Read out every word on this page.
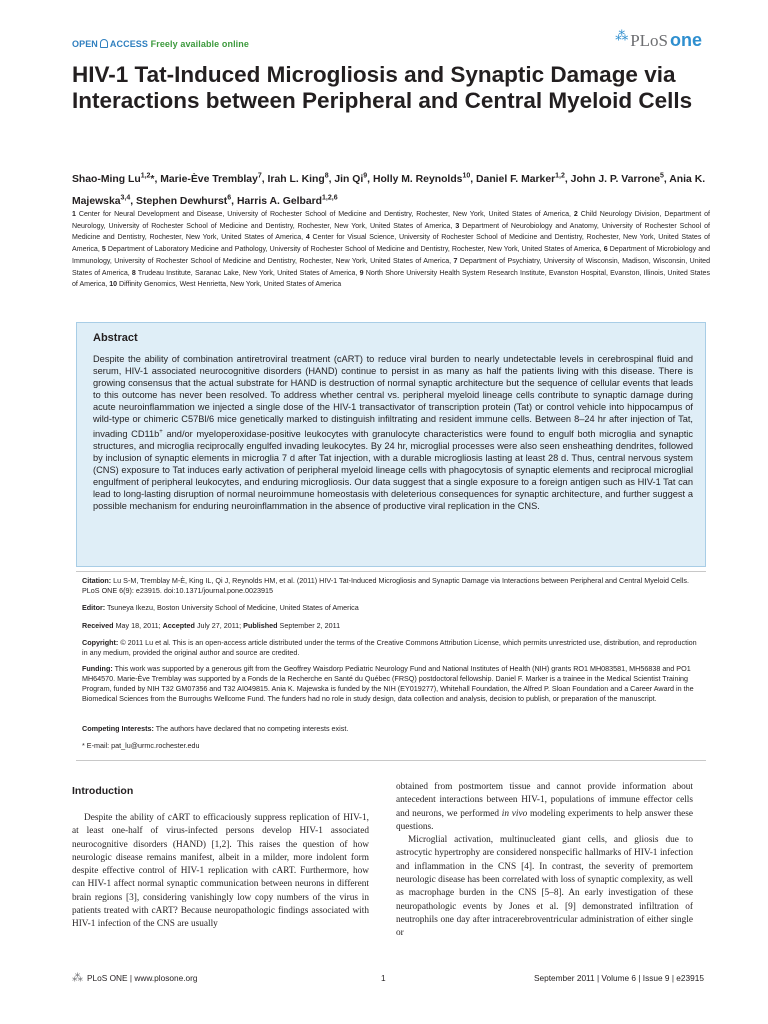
OPEN ACCESS Freely available online
⁂ PLoS one
HIV-1 Tat-Induced Microgliosis and Synaptic Damage via Interactions between Peripheral and Central Myeloid Cells
Shao-Ming Lu$^{1,2}$*, Marie-Ève Tremblay$^7$, Irah L. King$^8$, Jin Qi$^9$, Holly M. Reynolds$^{10}$, Daniel F. Marker$^{1,2}$, John J. P. Varrone$^5$, Ania K. Majewska$^{3,4}$, Stephen Dewhurst$^6$, Harris A. Gelbard$^{1,2,6}$
1 Center for Neural Development and Disease, University of Rochester School of Medicine and Dentistry, Rochester, New York, United States of America, 2 Child Neurology Division, Department of Neurology, University of Rochester School of Medicine and Dentistry, Rochester, New York, United States of America, 3 Department of Neurobiology and Anatomy, University of Rochester School of Medicine and Dentistry, Rochester, New York, United States of America, 4 Center for Visual Science, University of Rochester School of Medicine and Dentistry, Rochester, New York, United States of America, 5 Department of Laboratory Medicine and Pathology, University of Rochester School of Medicine and Dentistry, Rochester, New York, United States of America, 6 Department of Microbiology and Immunology, University of Rochester School of Medicine and Dentistry, Rochester, New York, United States of America, 7 Department of Psychiatry, University of Wisconsin, Madison, Wisconsin, United States of America, 8 Trudeau Institute, Saranac Lake, New York, United States of America, 9 North Shore University Health System Research Institute, Evanston Hospital, Evanston, Illinois, United States of America, 10 Diffinity Genomics, West Henrietta, New York, United States of America
Abstract
Despite the ability of combination antiretroviral treatment (cART) to reduce viral burden to nearly undetectable levels in cerebrospinal fluid and serum, HIV-1 associated neurocognitive disorders (HAND) continue to persist in as many as half the patients living with this disease. There is growing consensus that the actual substrate for HAND is destruction of normal synaptic architecture but the sequence of cellular events that leads to this outcome has never been resolved. To address whether central vs. peripheral myeloid lineage cells contribute to synaptic damage during acute neuroinflammation we injected a single dose of the HIV-1 transactivator of transcription protein (Tat) or control vehicle into hippocampus of wild-type or chimeric C57Bl/6 mice genetically marked to distinguish infiltrating and resident immune cells. Between 8–24 hr after injection of Tat, invading CD11b+ and/or myeloperoxidase-positive leukocytes with granulocyte characteristics were found to engulf both microglia and synaptic structures, and microglia reciprocally engulfed invading leukocytes. By 24 hr, microglial processes were also seen ensheathing dendrites, followed by inclusion of synaptic elements in microglia 7 d after Tat injection, with a durable microgliosis lasting at least 28 d. Thus, central nervous system (CNS) exposure to Tat induces early activation of peripheral myeloid lineage cells with phagocytosis of synaptic elements and reciprocal microglial engulfment of peripheral leukocytes, and enduring microgliosis. Our data suggest that a single exposure to a foreign antigen such as HIV-1 Tat can lead to long-lasting disruption of normal neuroimmune homeostasis with deleterious consequences for synaptic architecture, and further suggest a possible mechanism for enduring neuroinflammation in the absence of productive viral replication in the CNS.
Citation: Lu S-M, Tremblay M-È, King IL, Qi J, Reynolds HM, et al. (2011) HIV-1 Tat-Induced Microgliosis and Synaptic Damage via Interactions between Peripheral and Central Myeloid Cells. PLoS ONE 6(9): e23915. doi:10.1371/journal.pone.0023915
Editor: Tsuneya Ikezu, Boston University School of Medicine, United States of America
Received May 18, 2011; Accepted July 27, 2011; Published September 2, 2011
Copyright: © 2011 Lu et al. This is an open-access article distributed under the terms of the Creative Commons Attribution License, which permits unrestricted use, distribution, and reproduction in any medium, provided the original author and source are credited.
Funding: This work was supported by a generous gift from the Geoffrey Waisdorp Pediatric Neurology Fund and National Institutes of Health (NIH) grants RO1 MH083581, MH56838 and PO1 MH64570. Marie-Ève Tremblay was supported by a Fonds de la Recherche en Santé du Québec (FRSQ) postdoctoral fellowship. Daniel F. Marker is a trainee in the Medical Scientist Training Program, funded by NIH T32 GM07356 and T32 AI049815. Ania K. Majewska is funded by the NIH (EY019277), Whitehall Foundation, the Alfred P. Sloan Foundation and a Career Award in the Biomedical Sciences from the Burroughs Wellcome Fund. The funders had no role in study design, data collection and analysis, decision to publish, or preparation of the manuscript.
Competing Interests: The authors have declared that no competing interests exist.
* E-mail: pat_lu@urmc.rochester.edu
Introduction
Despite the ability of cART to efficaciously suppress replication of HIV-1, at least one-half of virus-infected persons develop HIV-1 associated neurocognitive disorders (HAND) [1,2]. This raises the question of how neurologic disease remains manifest, albeit in a milder, more indolent form despite effective control of HIV-1 replication with cART. Furthermore, how can HIV-1 affect normal synaptic communication between neurons in different brain regions [3], considering vanishingly low copy numbers of the virus in patients treated with cART? Because neuropathologic findings associated with HIV-1 infection of the CNS are usually

obtained from postmortem tissue and cannot provide information about antecedent interactions between HIV-1, populations of immune effector cells and neurons, we performed in vivo modeling experiments to help answer these questions.

Microglial activation, multinucleated giant cells, and gliosis due to astrocytic hypertrophy are considered nonspecific hallmarks of HIV-1 infection and inflammation in the CNS [4]. In contrast, the severity of premortem neurologic disease has been correlated with loss of synaptic complexity, as well as macrophage burden in the CNS [5–8]. An early investigation of these neuropathologic events by Jones et al. [9] demonstrated infiltration of neutrophils one day after intracerebroventricular administration of either single or

⁂ PLoS ONE | www.plosone.org	1	September 2011 | Volume 6 | Issue 9 | e23915
